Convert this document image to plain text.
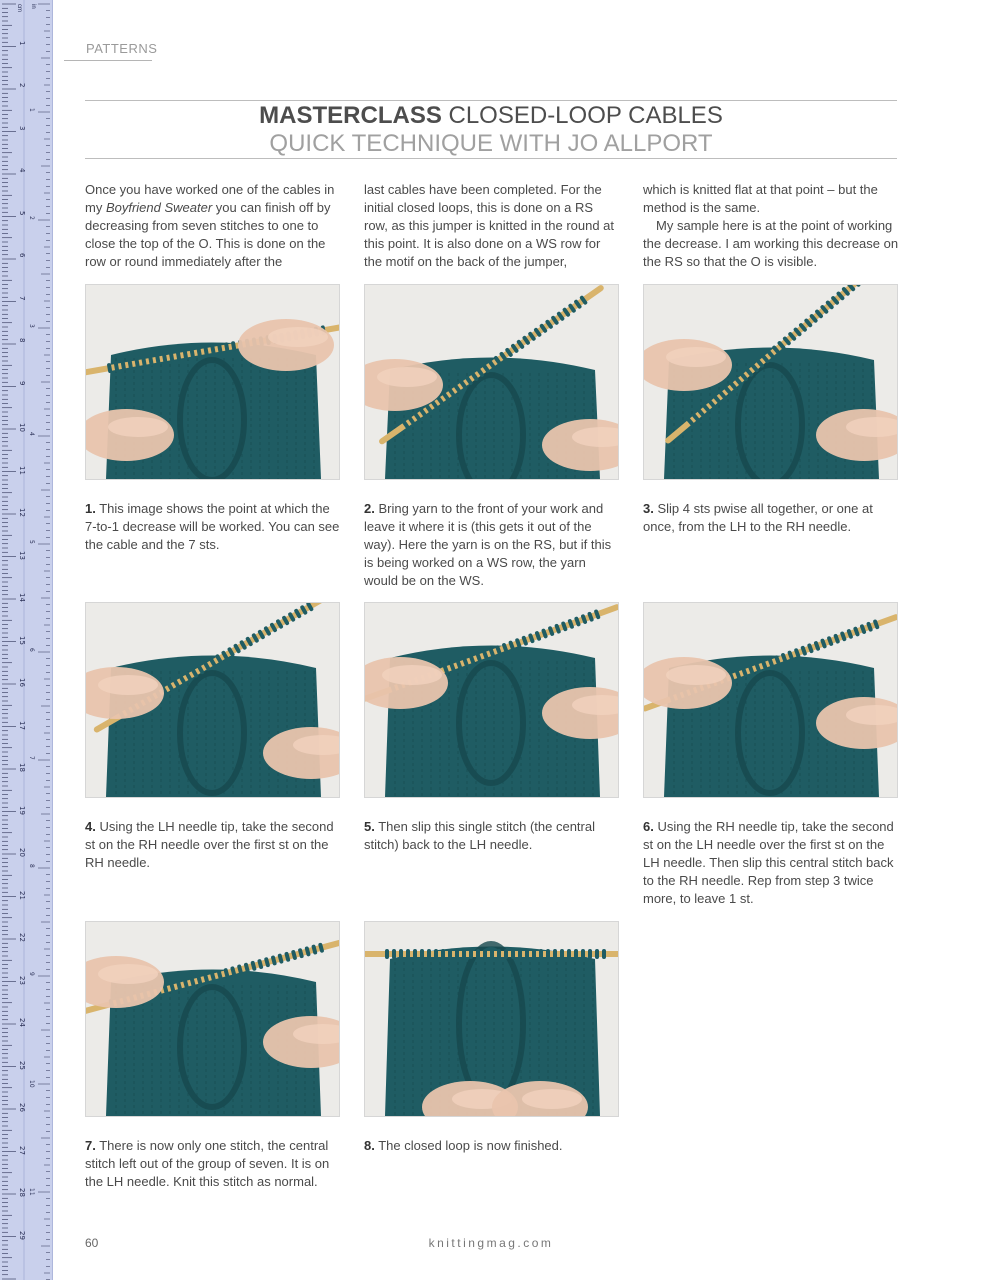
cm in
1
2
3
4
5
6
7
8
9
10
11
12
13
14
15
16
17
18
19
20
21
22
23
24
25
26
27
28
29
1
2
3
4
5
6
7
8
9
10
11
PATTERNS
MASTERCLASS CLOSED-LOOP CABLES
QUICK TECHNIQUE WITH JO ALLPORT

Once you have worked one of the cables in my Boyfriend Sweater you can finish off by decreasing from seven stitches to one to close the top of the O. This is done on the row or round immediately after the

last cables have been completed. For the initial closed loops, this is done on a RS row, as this jumper is knitted in the round at this point. It is also done on a WS row for the motif on the back of the jumper,

which is knitted flat at that point – but the method is the same.

My sample here is at the point of working the decrease. I am working this decrease on the RS so that the O is visible.

1. This image shows the point at which the 7-to-1 decrease will be worked. You can see the cable and the 7 sts.
2. Bring yarn to the front of your work and leave it where it is (this gets it out of the way). Here the yarn is on the RS, but if this is being worked on a WS row, the yarn would be on the WS.
3. Slip 4 sts pwise all together, or one at once, from the LH to the RH needle.
4. Using the LH needle tip, take the second st on the RH needle over the first st on the RH needle.
5. Then slip this single stitch (the central stitch) back to the LH needle.
6. Using the RH needle tip, take the second st on the LH needle over the first st on the LH needle. Then slip this central stitch back to the RH needle. Rep from step 3 twice more, to leave 1 st.
7. There is now only one stitch, the central stitch left out of the group of seven. It is on the LH needle. Knit this stitch as normal.
8. The closed loop is now finished.
60	knittingmag.com
